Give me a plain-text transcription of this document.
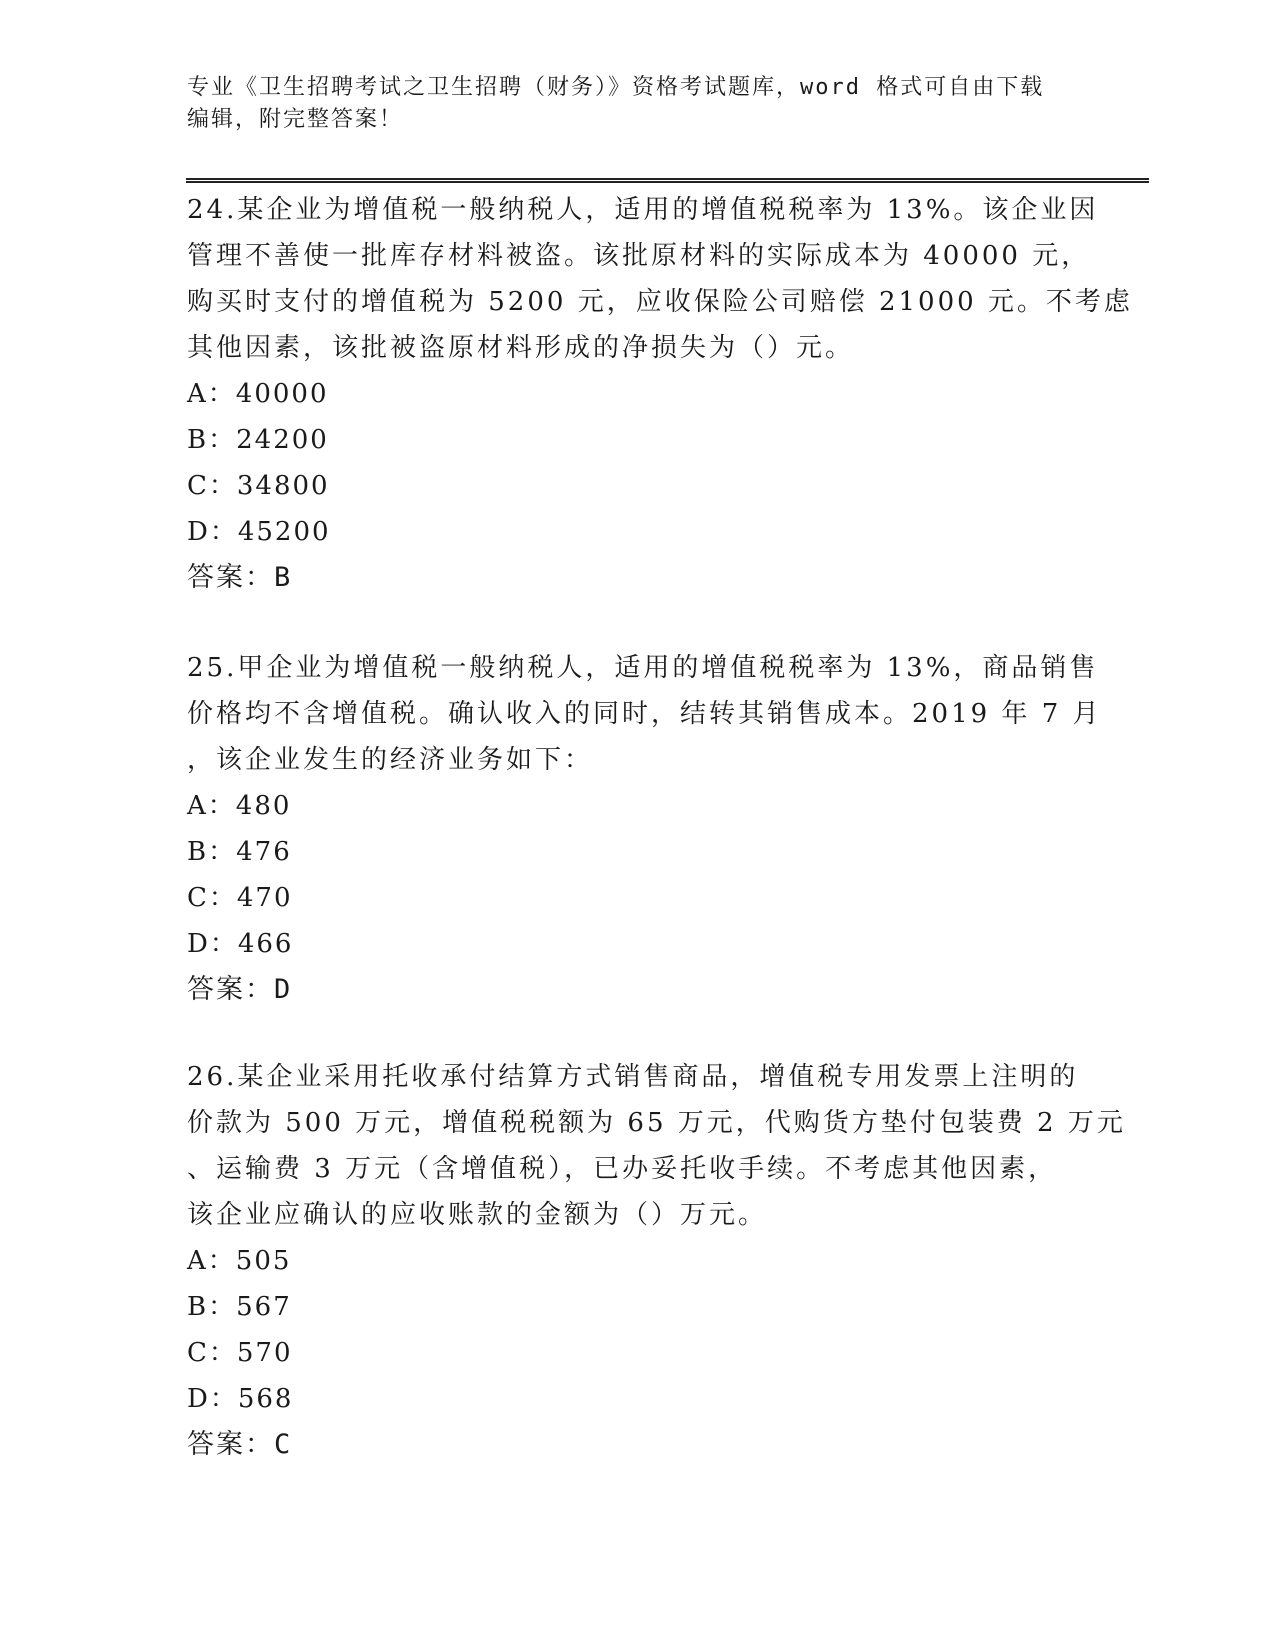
专业《卫生招聘考试之卫生招聘（财务）》资格考试题库，word 格式可自由下载
编辑，附完整答案！
24.某企业为增值税一般纳税人，适用的增值税税率为 13%。该企业因
管理不善使一批库存材料被盗。该批原材料的实际成本为 40000 元，
购买时支付的增值税为 5200 元，应收保险公司赔偿 21000 元。不考虑
其他因素，该批被盗原材料形成的净损失为（）元。
A：40000
B：24200
C：34800
D：45200
答案：B
25.甲企业为增值税一般纳税人，适用的增值税税率为 13%，商品销售
价格均不含增值税。确认收入的同时，结转其销售成本。2019 年 7 月
，该企业发生的经济业务如下：
A：480
B：476
C：470
D：466
答案：D
26.某企业采用托收承付结算方式销售商品，增值税专用发票上注明的
价款为 500 万元，增值税税额为 65 万元，代购货方垫付包装费 2 万元
、运输费 3 万元（含增值税），已办妥托收手续。不考虑其他因素，
该企业应确认的应收账款的金额为（）万元。
A：505
B：567
C：570
D：568
答案：C
